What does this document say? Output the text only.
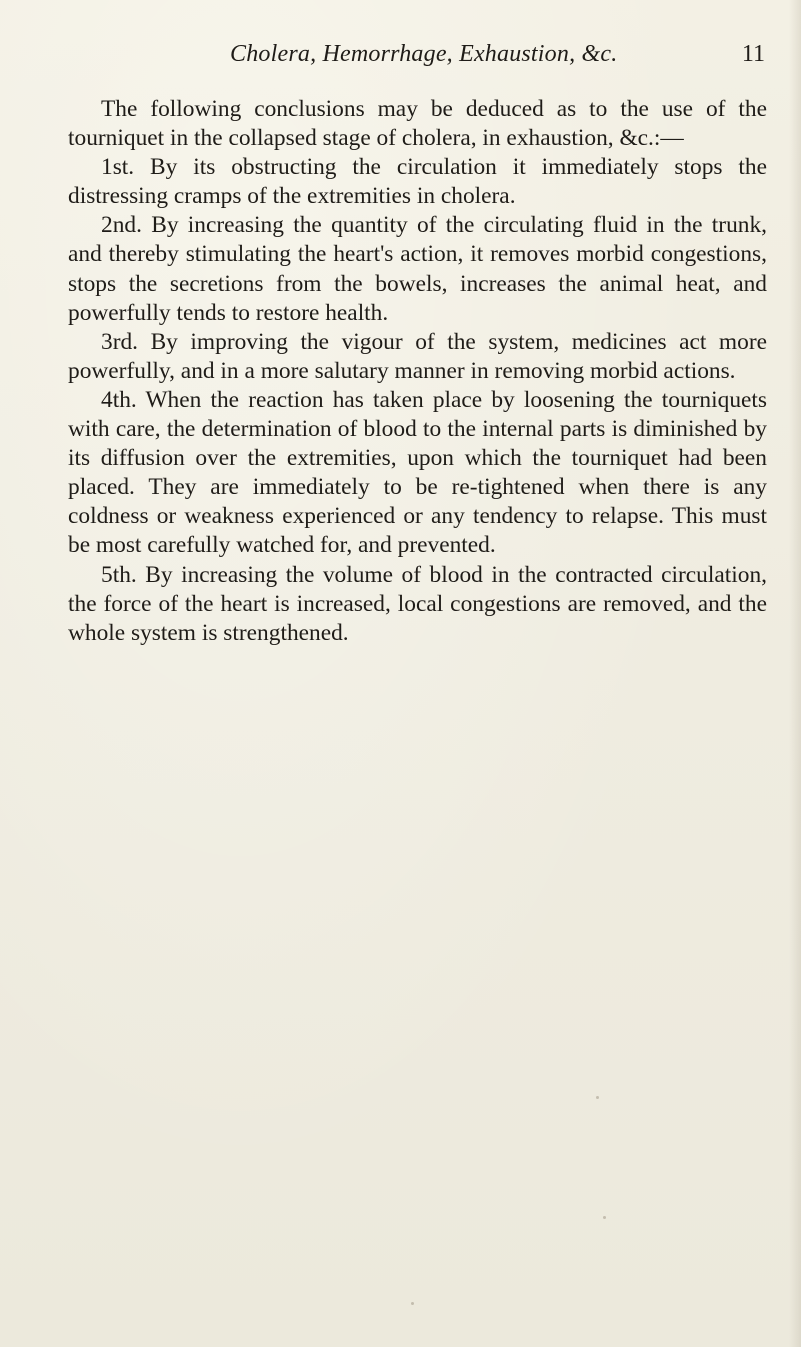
Cholera, Hemorrhage, Exhaustion, &c.	11

The following conclusions may be deduced as to the use of the tourniquet in the collapsed stage of cholera, in exhaustion, &c.:—

1st. By its obstructing the circulation it immediately stops the distressing cramps of the extremities in cholera.

2nd. By increasing the quantity of the circulating fluid in the trunk, and thereby stimulating the heart's action, it removes morbid congestions, stops the secretions from the bowels, increases the animal heat, and powerfully tends to restore health.

3rd. By improving the vigour of the system, medicines act more powerfully, and in a more salutary manner in removing morbid actions.

4th. When the reaction has taken place by loosening the tourniquets with care, the determination of blood to the internal parts is diminished by its diffusion over the extremities, upon which the tourniquet had been placed. They are immediately to be re-tightened when there is any coldness or weakness experienced or any tendency to relapse. This must be most carefully watched for, and prevented.

5th. By increasing the volume of blood in the contracted circulation, the force of the heart is increased, local congestions are removed, and the whole system is strengthened.
